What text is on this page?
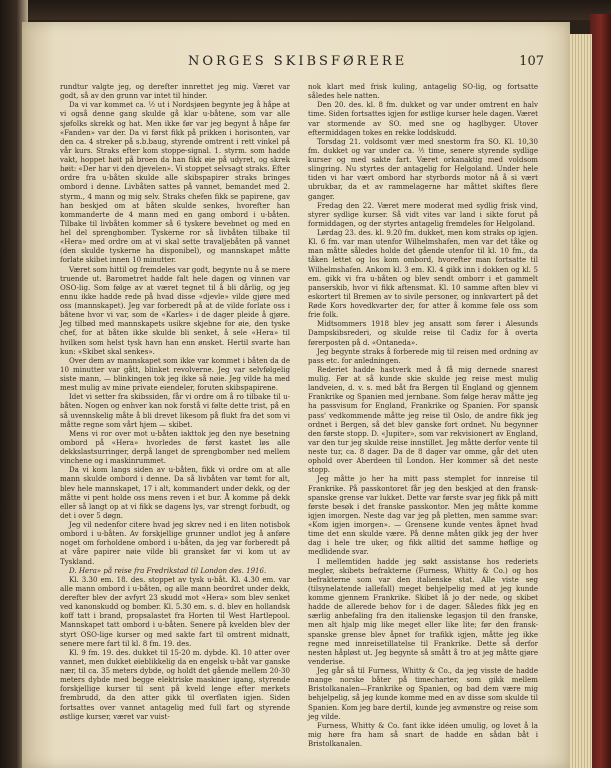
NORGES SKIBSFØRERE	107

rundtur valgte jeg, og derefter innrettet jeg mig. Været var godt, så av den grunn var intet til hinder.

Da vi var kommet ca. ½ ut i Nordsjøen begynte jeg å håpe at vi også denne gang skulde gå klar u-båtene, som var alle sjøfolks skrekk og hat. Men ikke før var jeg begynt å håpe før «Fanden» var der. Da vi først fikk på prikken i horisonten, var den ca. 4 streker på s.b.baug, styrende omtrent i rett vinkel på vår kurs. Straks efter kom stoppe-signal. 1. styrm. som hadde vakt, hoppet høit på broen da han fikk øie på udyret, og skrek høit: «Der har vi den djevelen». Vi stoppet selvsagt straks. Efter ordre fra u-båten skulde alle skibspapirer straks bringes ombord i denne. Livbåten sattes på vannet, bemandet med 2. styrm., 4 mann og mig selv. Straks chefen fikk se papirene, gav han beskjed om at båten skulde senkes, hvorefter han kommanderte de 4 mann med en gang ombord i u-båten. Tilbake til livbåten kommer så 6 tyskere bevebnet og med en hel del sprengbomber. Tyskerne ror så livbåten tilbake til «Hera» med ordre om at vi skal sette travaljebåten på vannet (den skulde tyskerne ha disponibel), og mannskapet måtte forlate skibet innen 10 minutter.

Været som hittil og fremdeles var godt, begynte nu å se mere truende ut. Barometret hadde falt hele dagen og vinnen var OSO-lig. Som følge av at været tegnet til å bli dårlig, og jeg ennu ikke hadde rede på hvad disse «djevle» vilde gjøre med oss (mannskapet). Jeg var forberedt på at de vilde forlate oss i båtene hvor vi var, som de «Karles» i de dager pleide å gjøre. Jeg tilbød med mannskapets usikre skjebne for øie, den tyske chef, for at båten ikke skulde bli senket, å sele «Hera» til hvilken som helst tysk havn han enn ønsket. Hertil svarte han kun: «Skibet skal senkes».

Over dem av mannskapet som ikke var kommet i båten da de 10 minutter var gått, blinket revolverne. Jeg var selvfølgelig siste mann, — blinkingen tok jeg ikke så nøie. Jeg vilde ha med mest mulig av mine private eiendeler, foruten skibspapirene.

Idet vi setter fra skibssiden, får vi ordre om å ro tilbake til u-båten. Nogen og enhver kan nok forstå vi følte dette trist, på en så uvennskelig måte å bli drevet likesom på flukt fra det som vi måtte regne som vårt hjem — skibet.

Mens vi ror over mot u-båten iakttok jeg den nye besetning ombord på «Hera» hvorledes de først kastet løs alle dekkslastsurringer, derpå langet de sprengbomber ned mellem vinchene og i maskinrummet.

Da vi kom langs siden av u-båten, fikk vi ordre om at alle mann skulde ombord i denne. Da så livbåten var tømt for alt, blev hele mannskapet, 17 i alt, kommandert under dekk, og der måtte vi pent holde oss mens reven i et bur. Å komme på dekk eller så langt op at vi fikk se dagens lys, var strengt forbudt, og det i over 5 døgn.

Jeg vil nedenfor citere hvad jeg skrev ned i en liten notisbok ombord i u-båten. Av forskjellige grunner undlot jeg å anføre noget om forholdene ombord i u-båten, da jeg var forberedt på at våre papirer nøie vilde bli gransket før vi kom ut av Tyskland.

D. Hera» på reise fra Fredrikstad til London des. 1916.

Kl. 3.30 em. 18. des. stoppet av tysk u-båt. Kl. 4.30 em. var alle mann ombord i u-båten, og alle mann beordret under dekk, derefter blev der avfyrt 23 skudd mot «Hera» som blev senket ved kanonskudd og bomber. Kl. 5.30 em. s. d. blev en hollandsk koff tatt i brand, propsalastet fra Horten til West Hartlepool. Mannskapet tatt ombord i u-båten. Senere på kvelden blev der styrt OSO-lige kurser og med sakte fart til omtrent midnatt, senere mere fart til kl. 8 fm. 19. des.

Kl. 9 fm. 19. des. dukket til 15-20 m. dybde. Kl. 10 atter over vannet, men dukket øieblikkelig da en engelsk u-båt var ganske nær, til ca. 35 meters dybde, og holdt det gående mellem 20-30 meters dybde med begge elektriske maskiner igang, styrende forskjellige kurser til sent på kveld lenge efter merkets frembrudd, da den atter gikk til overflaten igjen. Siden fortsattes over vannet antagelig med full fart og styrende østlige kurser, været var vuist-

nok klart med frisk kuling, antagelig SO-lig, og fortsatte således hele natten.

Den 20. des. kl. 8 fm. dukket og var under omtrent en halv time. Siden fortsattes igjen for østlige kurser hele dagen. Været var stormende av SO. med sne og haglbyger. Utover eftermiddagen tokes en rekke loddskudd.

Torsdag 21. voldsomt vær med snestorm fra SO. Kl. 10,30 fm. dukket og var under ca. ½ time, senere styrende sydlige kurser og med sakte fart. Været orkanaktig med voldsom slingring. Nu styrtes der antagelig for Helgoland. Under hele tiden vi har vært ombord har styrbords motor nå å si vært ubrukbar, da et av rammelagerne har måttet skiftes flere ganger.

Fredag den 22. Været mere moderat med sydlig frisk vind, styrer sydlige kurser. Så vidt vites var land i sikte forut på formiddagen, og der styrtes antagelig fremdeles for Helgoland.

Lørdag 23. des. kl. 9.20 fm. dukket, men kom straks op igjen. Kl. 6 fm. var man utenfor Wilhelmshafen, men var det tåke og man måtte således holde det gående utenfor til kl. 10 fm., da tåken lettet og los kom ombord, hvorefter man fortsatte til Wilhelmshafen. Ankom kl. 3 em. Kl. 4 gikk inn i dokken og kl. 5 em. gikk vi fra u-båten og blev sendt omborr i et gammelt panserskib, hvor vi fikk aftensmat. Kl. 10 samme aften blev vi eskortert til Bremen av to sivile personer, og innkvartert på det Røde Kors hovedkvarter der, for atter å komme føle oss som frie folk.

Midtsommers 1918 blev jeg ansatt som fører i Alesunds Dampskibsrederi, og skulde reise til Cadiz for å overta førerposten på d. «Ontaneda».

Jeg begynte straks å forberede mig til reisen med ordning av pass etc. for anledningen.

Rederiet hadde hastverk med å få mig dernede snarest mulig. Før at så kunde skie skulde jeg reise mest mulig landveien, d. v. s. med båt fra Bergen til England og gjennem Frankrike og Spanien med jernbane. Som følge herav måtte jeg ha passvisum for England, Frankrike og Spanien. For spansk pass' vedkommende måtte jeg reise til Oslo, de andre fikk jeg ordnet i Bergen, så det blev ganske fort ordnet. Nu begynner den første stopp. D. «Jupiter», som var rekvisionert av England, var den tur jeg skulde reise innstillet. Jeg måtte derfor vente til neste tur, ca. 8 dager. Da de 8 dager var omme, går det uten ophold over Aberdeen til London. Her kommer så det neste stopp.

Jeg måtte jo her ha mitt pass stemplet for innreise til Frankrike. På passkontoret får jeg den beskjed at den fransk-spanske grense var lukket. Dette var første svar jeg fikk på mitt første besøk i det franske passkontor. Men jeg måtte komme igjen imorgen. Neste dag var jeg på pletten, men samme svar: «Kom igjen imorgen». — Grensene kunde ventes åpnet hvad time det enn skulde være. På denne måten gikk jeg der hver dag i hele tre uker, og fikk alltid det samme høflige og medlidende svar.

I mellemtiden hadde jeg søkt assistanse hos rederiets megler, skibets befrakterne (Furness, Whitty & Co.) og hos befrakterne som var den italienske stat. Alle viste seg (tilsynelatende iallefall) meget behjelpelig med at jeg kunde komme gjennem Frankrike. Skibet lå jo der nede, og skibet hadde de allerede behov for i de dager. Således fikk jeg en særlig anbefaling fra den italienske legasjon til den franske, men alt hjalp mig like meget eller like lite; før den fransk-spanske grense blev åpnet for trafikk igjen, måtte jeg ikke regne med innreisetillatelse til Frankrike. Dette så derfor nesten håpløst ut. Jeg begynte så smått å tro at jeg måtte gjøre venderise.

Jeg går så til Furness, Whitty & Co., da jeg visste de hadde mange norske båter på timecharter, som gikk mellem Bristolkanalen—Frankrike og Spanien, og bad dem være mig behjelpelig, så jeg kunde komme med en av disse som skulde til Spanien. Kom jeg bare dertil, kunde jeg avmønstre og reise som jeg vilde.

Furness, Whitty & Co. fant ikke idéen umulig, og lovet å la mig høre fra ham så snart de hadde en sådan båt i Bristolkanalen.
